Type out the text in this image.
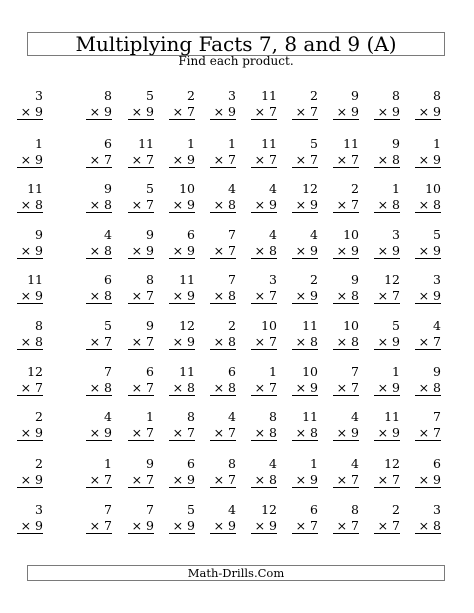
Multiplying Facts 7, 8 and 9 (A)
Find each product.
3
× 9
8
× 9
5
× 9
2
× 7
3
× 9
11
× 7
2
× 7
9
× 9
8
× 9
8
× 9
1
× 9
6
× 7
11
× 7
1
× 9
1
× 7
11
× 7
5
× 7
11
× 7
9
× 8
1
× 9
11
× 8
9
× 8
5
× 7
10
× 9
4
× 8
4
× 9
12
× 9
2
× 7
1
× 8
10
× 8
9
× 9
4
× 8
9
× 9
6
× 9
7
× 7
4
× 8
4
× 9
10
× 9
3
× 9
5
× 9
11
× 9
6
× 8
8
× 7
11
× 9
7
× 8
3
× 7
2
× 9
9
× 8
12
× 7
3
× 9
8
× 8
5
× 7
9
× 7
12
× 9
2
× 8
10
× 7
11
× 8
10
× 8
5
× 9
4
× 7
12
× 7
7
× 8
6
× 7
11
× 8
6
× 8
1
× 7
10
× 9
7
× 7
1
× 9
9
× 8
2
× 9
4
× 9
1
× 7
8
× 7
4
× 7
8
× 8
11
× 8
4
× 9
11
× 9
7
× 7
2
× 9
1
× 7
9
× 7
6
× 9
8
× 7
4
× 8
1
× 9
4
× 7
12
× 7
6
× 9
3
× 9
7
× 7
7
× 9
5
× 9
4
× 9
12
× 9
6
× 7
8
× 7
2
× 7
3
× 8
Math-Drills.Com
